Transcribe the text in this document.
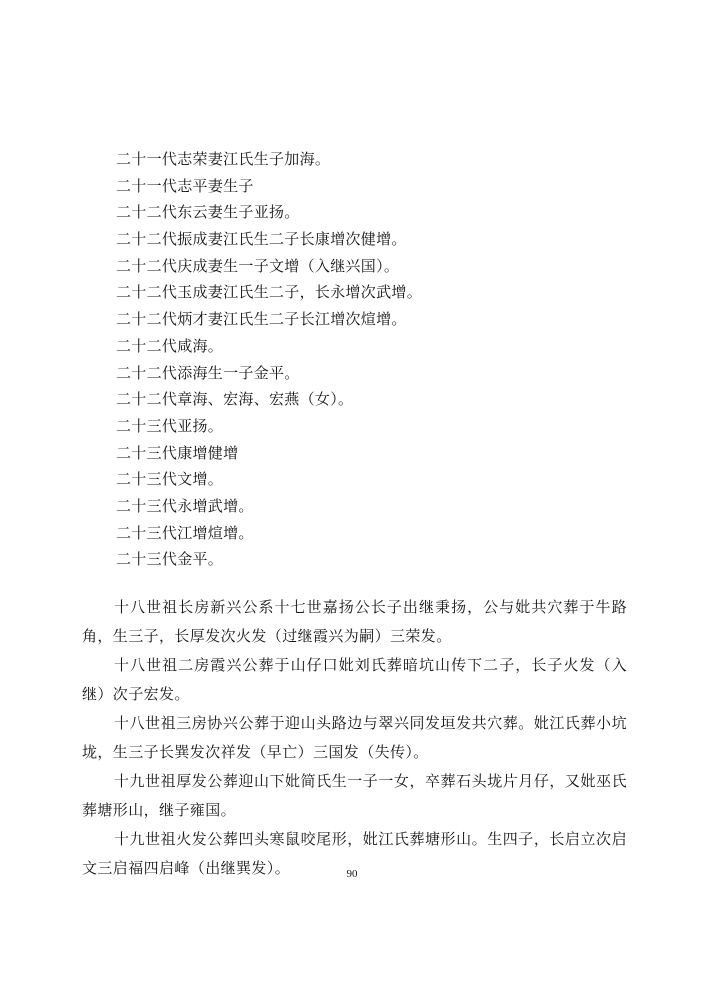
二十一代志荣妻江氏生子加海。
二十一代志平妻生子
二十二代东云妻生子亚扬。
二十二代振成妻江氏生二子长康增次健增。
二十二代庆成妻生一子文增（入继兴国）。
二十二代玉成妻江氏生二子，长永增次武增。
二十二代炳才妻江氏生二子长江增次煊增。
二十二代咸海。
二十二代添海生一子金平。
二十二代章海、宏海、宏燕（女）。
二十三代亚扬。
二十三代康增健增
二十三代文增。
二十三代永增武增。
二十三代江增煊增。
二十三代金平。

十八世祖长房新兴公系十七世嘉扬公长子出继秉扬，公与妣共穴葬于牛路角，生三子，长厚发次火发（过继霞兴为嗣）三荣发。

十八世祖二房霞兴公葬于山仔口妣刘氏葬暗坑山传下二子，长子火发（入继）次子宏发。

十八世祖三房协兴公葬于迎山头路边与翠兴同发垣发共穴葬。妣江氏葬小坑垅，生三子长巽发次祥发（早亡）三国发（失传）。

十九世祖厚发公葬迎山下妣简氏生一子一女，卒葬石头垅片月仔，又妣巫氏葬塘形山，继子雍国。

十九世祖火发公葬凹头寒鼠咬尾形，妣江氏葬塘形山。生四子，长启立次启文三启福四启峰（出继巽发）。	90
